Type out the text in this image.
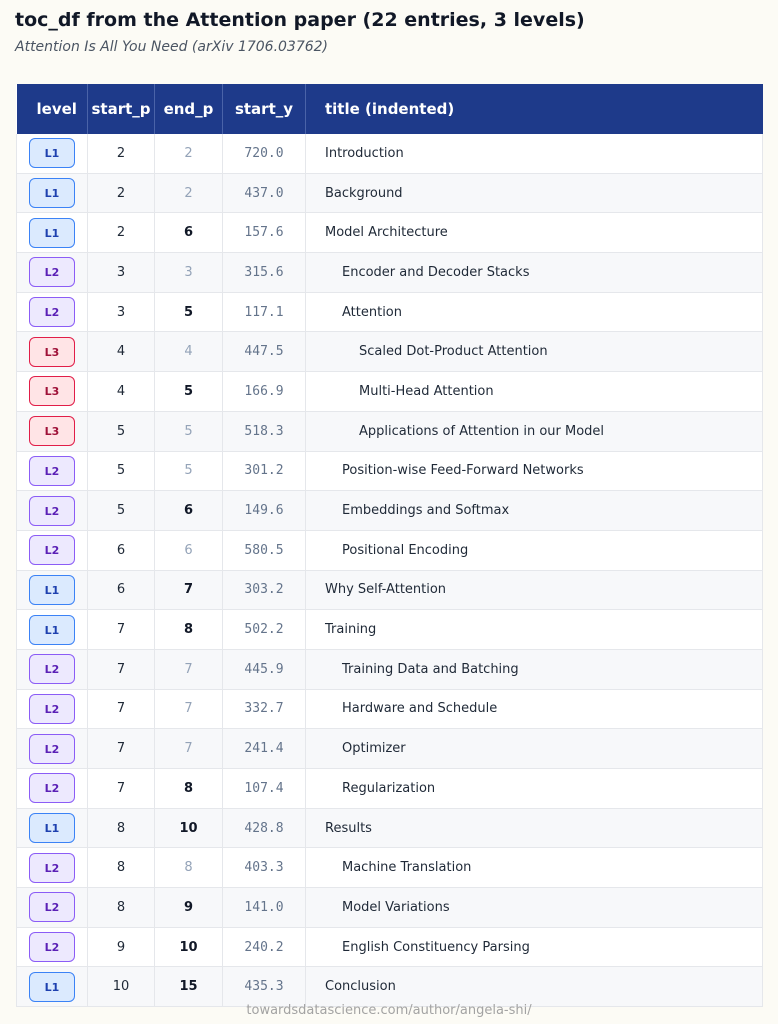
toc_df from the Attention paper (22 entries, 3 levels)
Attention Is All You Need (arXiv 1706.03762)
level	start_p	end_p	start_y	title (indented)
L1	2	2	720.0	Introduction
L1	2	2	437.0	Background
L1	2	6	157.6	Model Architecture
L2	3	3	315.6	Encoder and Decoder Stacks
L2	3	5	117.1	Attention
L3	4	4	447.5	Scaled Dot-Product Attention
L3	4	5	166.9	Multi-Head Attention
L3	5	5	518.3	Applications of Attention in our Model
L2	5	5	301.2	Position-wise Feed-Forward Networks
L2	5	6	149.6	Embeddings and Softmax
L2	6	6	580.5	Positional Encoding
L1	6	7	303.2	Why Self-Attention
L1	7	8	502.2	Training
L2	7	7	445.9	Training Data and Batching
L2	7	7	332.7	Hardware and Schedule
L2	7	7	241.4	Optimizer
L2	7	8	107.4	Regularization
L1	8	10	428.8	Results
L2	8	8	403.3	Machine Translation
L2	8	9	141.0	Model Variations
L2	9	10	240.2	English Constituency Parsing
L1	10	15	435.3	Conclusion
towardsdatascience.com/author/angela-shi/
